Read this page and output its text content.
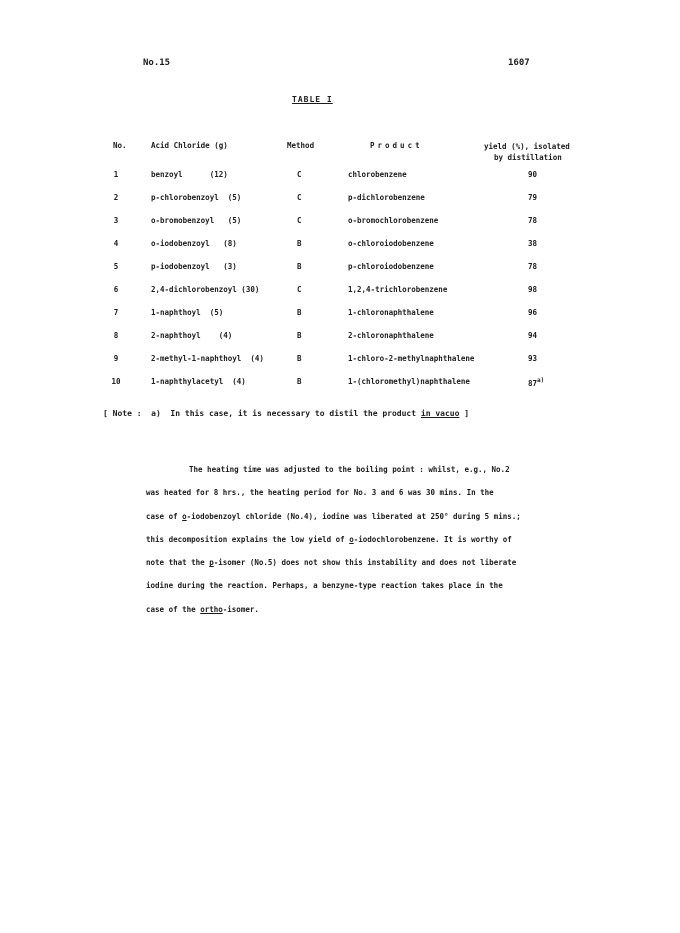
No.15	1607
TABLE I
No.	Acid Chloride (g)	Method	Product	yield (%), isolated
by distillation
1	benzoyl      (12)	C	chlorobenzene	90
2	p-chlorobenzoyl  (5)	C	p-dichlorobenzene	79
3	o-bromobenzoyl   (5)	C	o-bromochlorobenzene	78
4	o-iodobenzoyl   (8)	B	o-chloroiodobenzene	38
5	p-iodobenzoyl   (3)	B	p-chloroiodobenzene	78
6	2,4-dichlorobenzoyl (30)	C	1,2,4-trichlorobenzene	98
7	1-naphthoyl  (5)	B	1-chloronaphthalene	96
8	2-naphthoyl    (4)	B	2-chloronaphthalene	94
9	2-methyl-1-naphthoyl  (4)	B	1-chloro-2-methylnaphthalene	93
10	1-naphthylacetyl  (4)	B	1-(chloromethyl)naphthalene	87$^{a)}$
[ Note :  a)  In this case, it is necessary to distil the product in vacuo ]
The heating time was adjusted to the boiling point : whilst, e.g., No.2
was heated for 8 hrs., the heating period for No. 3 and 6 was 30 mins. In the
case of o-iodobenzoyl chloride (No.4), iodine was liberated at 250° during 5 mins.;
this decomposition explains the low yield of o-iodochlorobenzene. It is worthy of
note that the p-isomer (No.5) does not show this instability and does not liberate
iodine during the reaction. Perhaps, a benzyne-type reaction takes place in the
case of the ortho-isomer.
